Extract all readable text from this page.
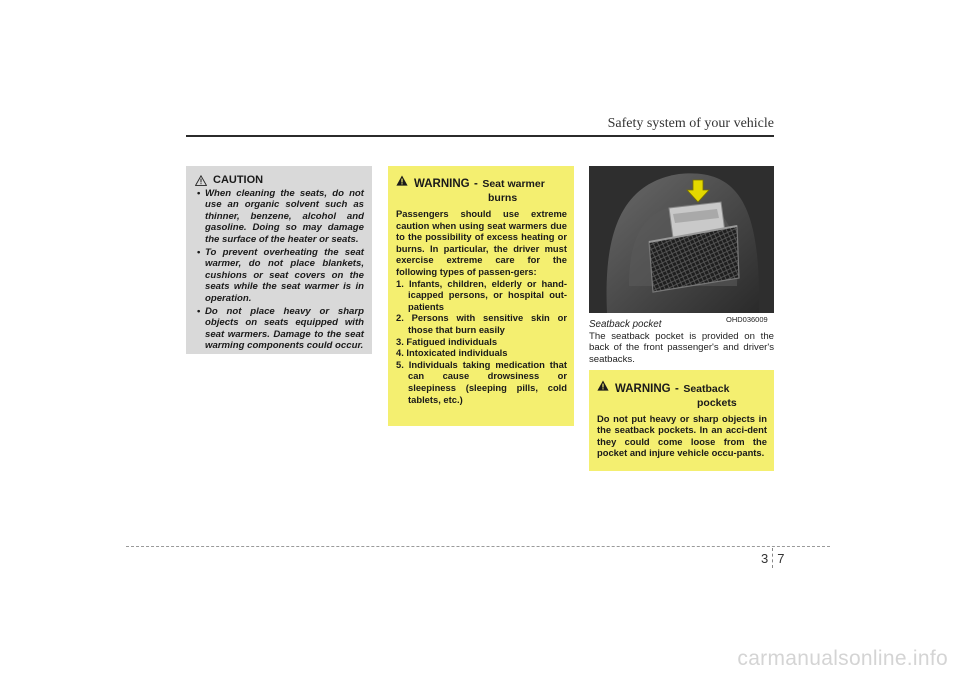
Safety system of your vehicle
CAUTION
• When cleaning the seats, do not use an organic solvent such as thinner, benzene, alcohol and gasoline. Doing so may damage the surface of the heater or seats.
• To prevent overheating the seat warmer, do not place blankets, cushions or seat covers on the seats while the seat warmer is in operation.
• Do not place heavy or sharp objects on seats equipped with seat warmers. Damage to the seat warming components could occur.
WARNING - Seat warmer
burns

Passengers should use extreme caution when using seat warmers due to the possibility of excess heating or burns. In particular, the driver must exercise extreme care for the following types of passen-gers:

1. Infants, children, elderly or hand-icapped persons, or hospital out-patients
2. Persons with sensitive skin or those that burn easily
3. Fatigued individuals
4. Intoxicated individuals
5. Individuals taking medication that can cause drowsiness or sleepiness (sleeping pills, cold tablets, etc.)
OHD036009
Seatback pocket
The seatback pocket is provided on the back of the front passenger's and driver's seatbacks.
WARNING - Seatback
pockets

Do not put heavy or sharp objects in the seatback pockets. In an acci-dent they could come loose from the pocket and injure vehicle occu-pants.

3 7
carmanualsonline.info
